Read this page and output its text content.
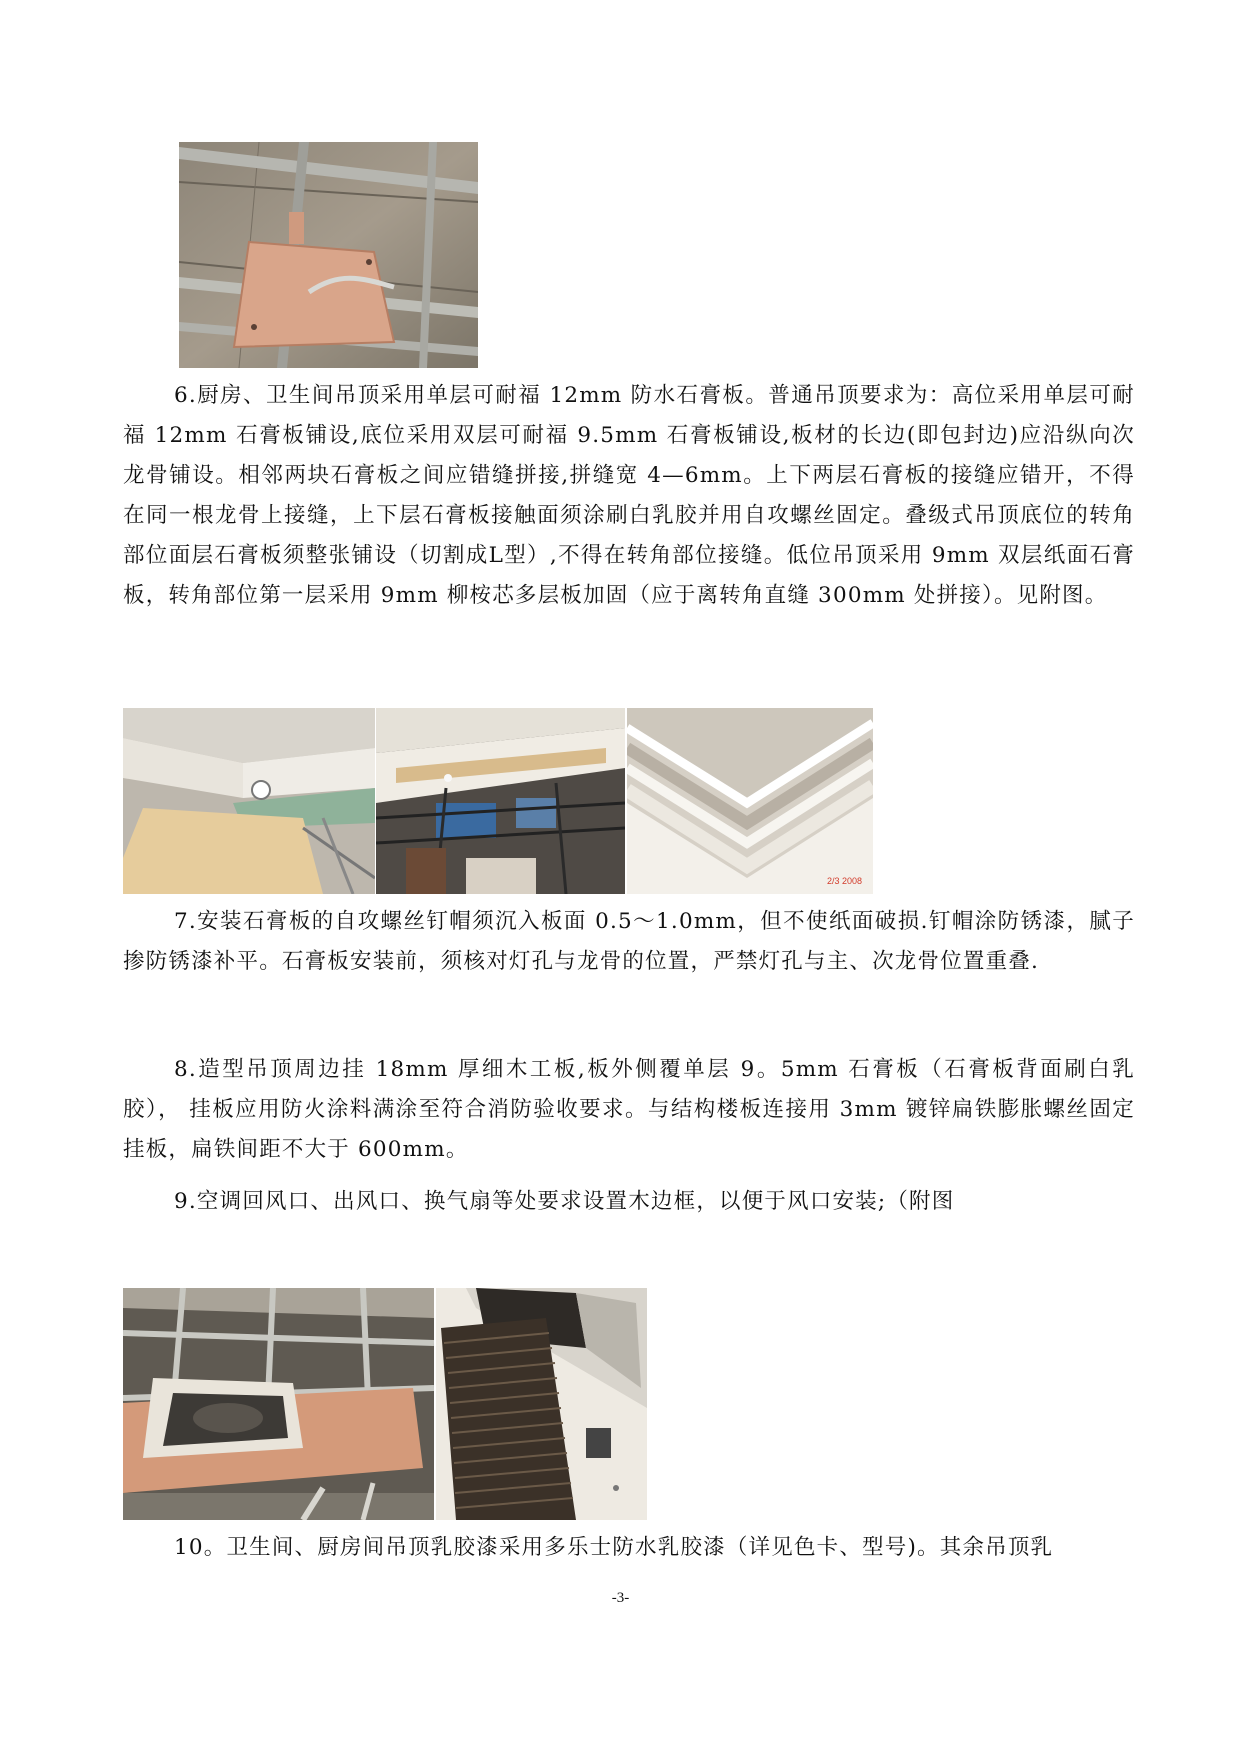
6.厨房、卫生间吊顶采用单层可耐福 12mm 防水石膏板。普通吊顶要求为：高位采用单层可耐福 12mm 石膏板铺设,底位采用双层可耐福 9.5mm 石膏板铺设,板材的长边(即包封边)应沿纵向次龙骨铺设。相邻两块石膏板之间应错缝拼接,拼缝宽 4—6mm。上下两层石膏板的接缝应错开，不得在同一根龙骨上接缝，上下层石膏板接触面须涂刷白乳胶并用自攻螺丝固定。叠级式吊顶底位的转角部位面层石膏板须整张铺设（切割成L型）,不得在转角部位接缝。低位吊顶采用 9mm 双层纸面石膏板，转角部位第一层采用 9mm 柳桉芯多层板加固（应于离转角直缝 300mm 处拼接）。见附图。

2/3 2008

7.安装石膏板的自攻螺丝钉帽须沉入板面 0.5～1.0mm，但不使纸面破损.钉帽涂防锈漆，腻子掺防锈漆补平。石膏板安装前，须核对灯孔与龙骨的位置，严禁灯孔与主、次龙骨位置重叠.

8.造型吊顶周边挂 18mm 厚细木工板,板外侧覆单层 9。5mm 石膏板（石膏板背面刷白乳胶）， 挂板应用防火涂料满涂至符合消防验收要求。与结构楼板连接用 3mm 镀锌扁铁膨胀螺丝固定挂板，扁铁间距不大于 600mm。

9.空调回风口、出风口、换气扇等处要求设置木边框，以便于风口安装;（附图

10。卫生间、厨房间吊顶乳胶漆采用多乐士防水乳胶漆（详见色卡、型号)。其余吊顶乳

-3-
